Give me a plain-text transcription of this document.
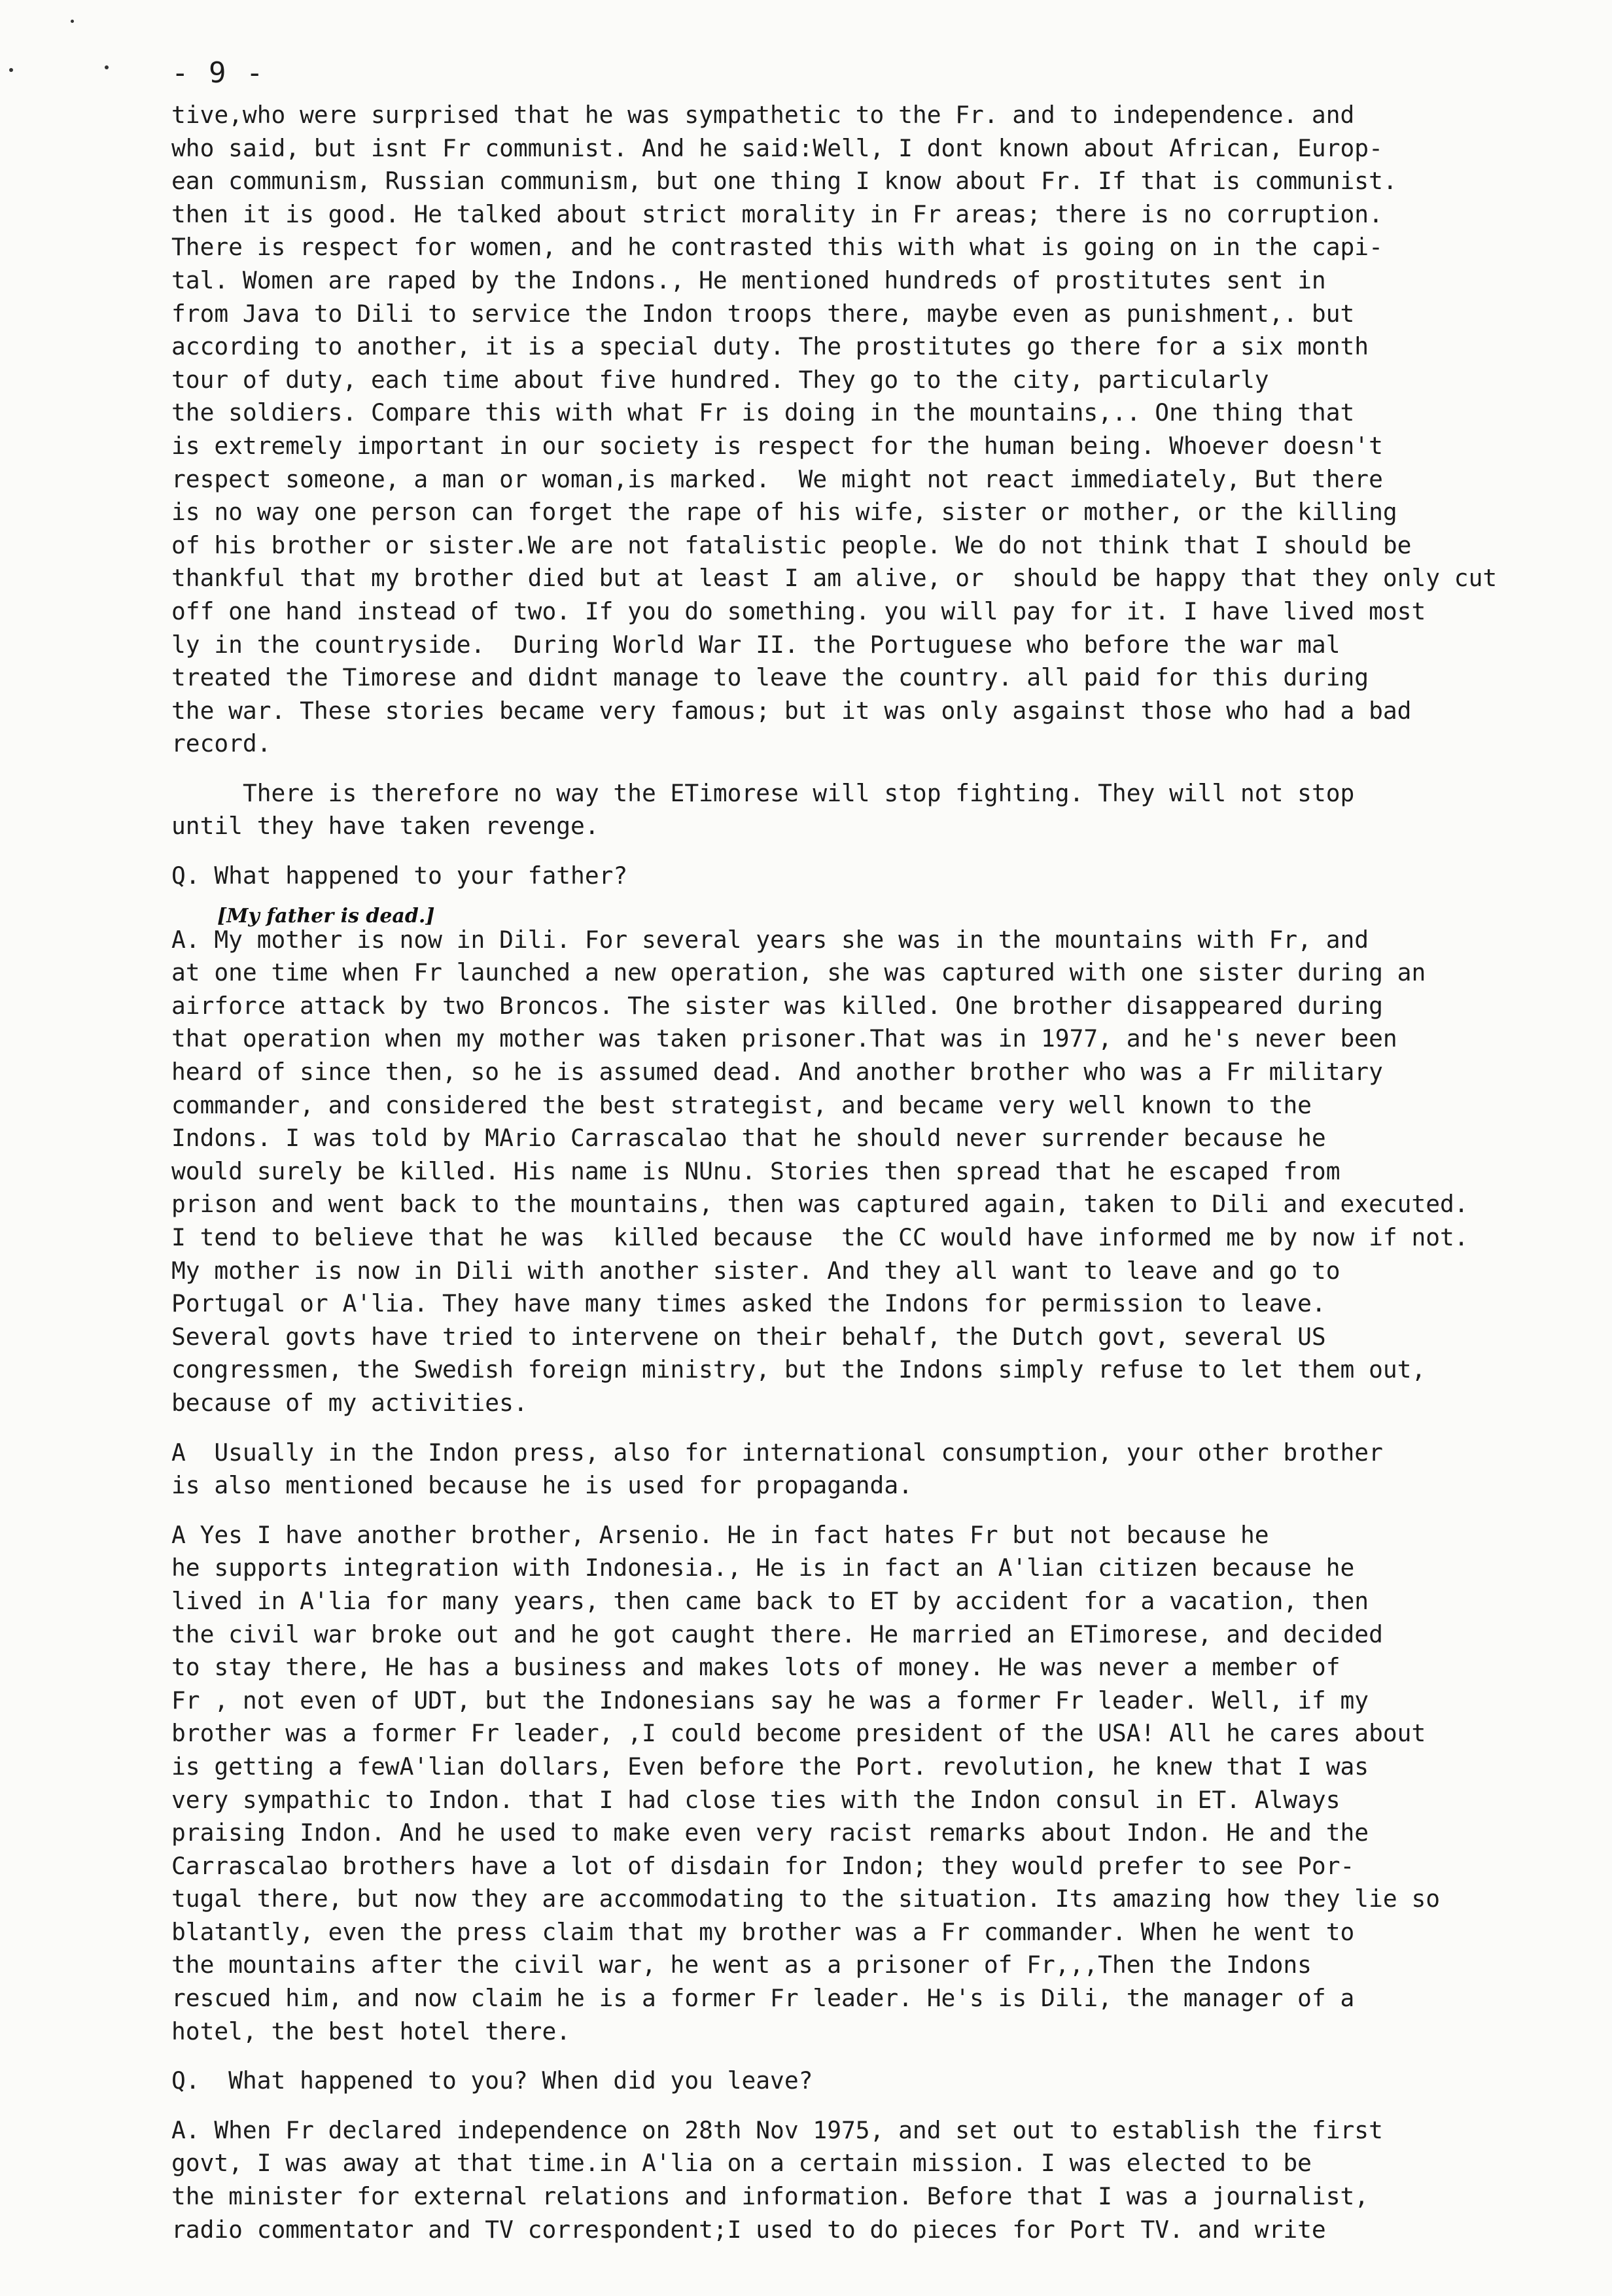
- 9 -
tive,who were surprised that he was sympathetic to the Fr. and to independence. and
who said, but isnt Fr communist. And he said:Well, I dont known about African, Europ-
ean communism, Russian communism, but one thing I know about Fr. If that is communist.
then it is good. He talked about strict morality in Fr areas; there is no corruption.
There is respect for women, and he contrasted this with what is going on in the capi-
tal. Women are raped by the Indons., He mentioned hundreds of prostitutes sent in
from Java to Dili to service the Indon troops there, maybe even as punishment,. but
according to another, it is a special duty. The prostitutes go there for a six month
tour of duty, each time about five hundred. They go to the city, particularly
the soldiers. Compare this with what Fr is doing in the mountains,.. One thing that
is extremely important in our society is respect for the human being. Whoever doesn't
respect someone, a man or woman,is marked.  We might not react immediately, But there
is no way one person can forget the rape of his wife, sister or mother, or the killing
of his brother or sister.We are not fatalistic people. We do not think that I should be
thankful that my brother died but at least I am alive, or  should be happy that they only cut
off one hand instead of two. If you do something. you will pay for it. I have lived most
ly in the countryside.  During World War II. the Portuguese who before the war mal
treated the Timorese and didnt manage to leave the country. all paid for this during
the war. These stories became very famous; but it was only asgainst those who had a bad
record.
There is therefore no way the ETimorese will stop fighting. They will not stop
until they have taken revenge.
Q. What happened to your father?
[My father is dead.]
A. My mother is now in Dili. For several years she was in the mountains with Fr, and
at one time when Fr launched a new operation, she was captured with one sister during an
airforce attack by two Broncos. The sister was killed. One brother disappeared during
that operation when my mother was taken prisoner.That was in 1977, and he's never been
heard of since then, so he is assumed dead. And another brother who was a Fr military
commander, and considered the best strategist, and became very well known to the
Indons. I was told by MArio Carrascalao that he should never surrender because he
would surely be killed. His name is NUnu. Stories then spread that he escaped from
prison and went back to the mountains, then was captured again, taken to Dili and executed.
I tend to believe that he was  killed because  the CC would have informed me by now if not.
My mother is now in Dili with another sister. And they all want to leave and go to
Portugal or A'lia. They have many times asked the Indons for permission to leave.
Several govts have tried to intervene on their behalf, the Dutch govt, several US
congressmen, the Swedish foreign ministry, but the Indons simply refuse to let them out,
because of my activities.
A  Usually in the Indon press, also for international consumption, your other brother
is also mentioned because he is used for propaganda.
A Yes I have another brother, Arsenio. He in fact hates Fr but not because he
he supports integration with Indonesia., He is in fact an A'lian citizen because he
lived in A'lia for many years, then came back to ET by accident for a vacation, then
the civil war broke out and he got caught there. He married an ETimorese, and decided
to stay there, He has a business and makes lots of money. He was never a member of
Fr , not even of UDT, but the Indonesians say he was a former Fr leader. Well, if my
brother was a former Fr leader, ,I could become president of the USA! All he cares about
is getting a fewA'lian dollars, Even before the Port. revolution, he knew that I was
very sympathic to Indon. that I had close ties with the Indon consul in ET. Always
praising Indon. And he used to make even very racist remarks about Indon. He and the
Carrascalao brothers have a lot of disdain for Indon; they would prefer to see Por-
tugal there, but now they are accommodating to the situation. Its amazing how they lie so
blatantly, even the press claim that my brother was a Fr commander. When he went to
the mountains after the civil war, he went as a prisoner of Fr,,,Then the Indons
rescued him, and now claim he is a former Fr leader. He's is Dili, the manager of a
hotel, the best hotel there.
Q.  What happened to you? When did you leave?
A. When Fr declared independence on 28th Nov 1975, and set out to establish the first
govt, I was away at that time.in A'lia on a certain mission. I was elected to be
the minister for external relations and information. Before that I was a journalist,
radio commentator and TV correspondent;I used to do pieces for Port TV. and write
